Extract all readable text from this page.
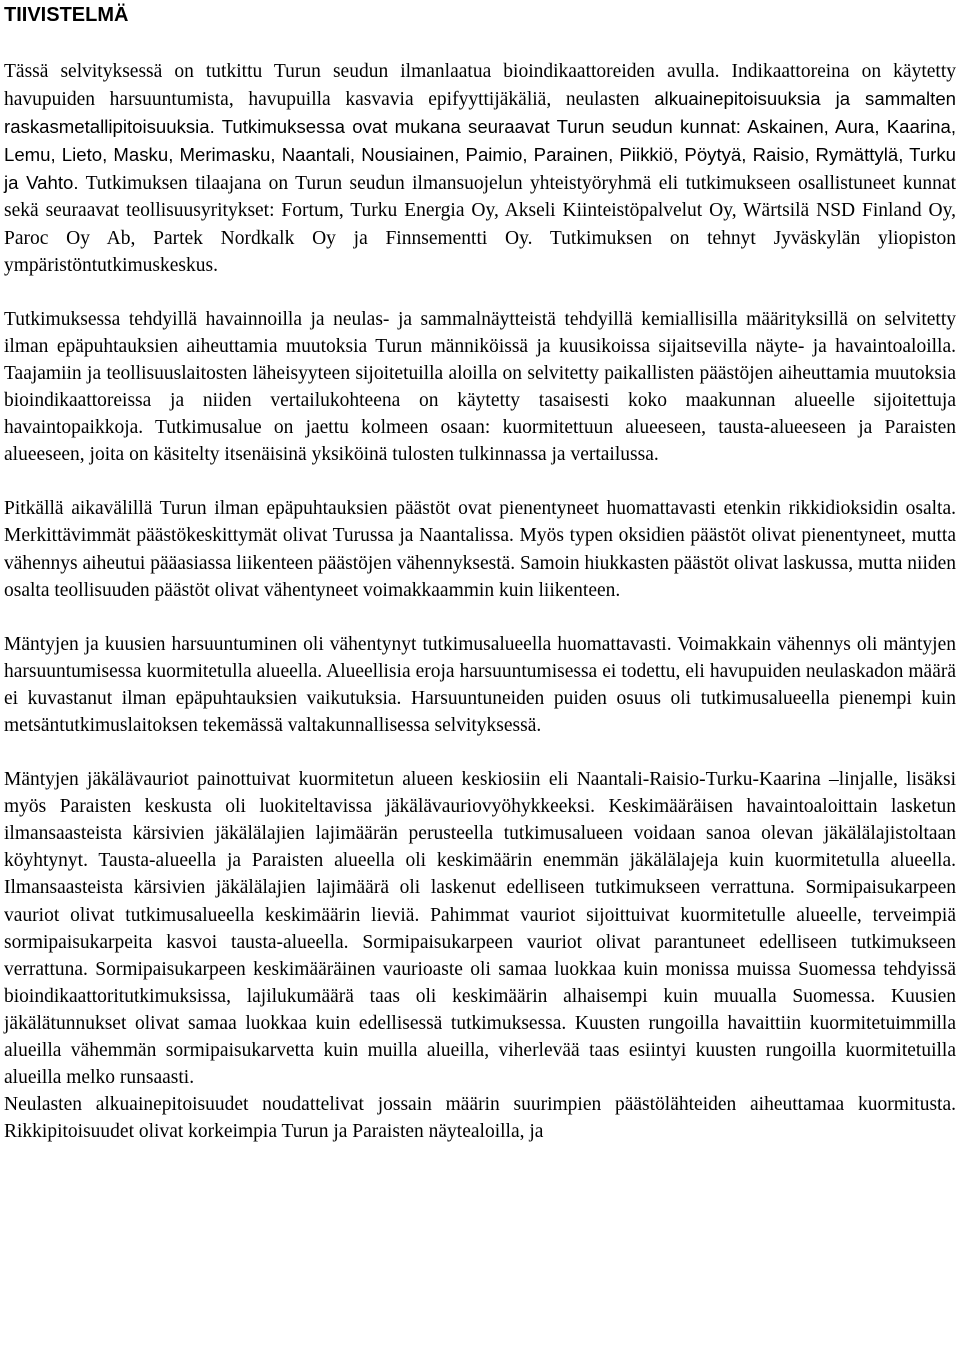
TIIVISTELMÄ

Tässä selvityksessä on tutkittu Turun seudun ilmanlaatua bioindikaattoreiden avulla. Indikaattoreina on käytetty havupuiden harsuuntumista, havupuilla kasvavia epifyyttijäkäliä, neulasten alkuainepitoisuuksia ja sammalten raskasmetallipitoisuuksia. Tutkimuksessa ovat mukana seuraavat Turun seudun kunnat: Askainen, Aura, Kaarina, Lemu, Lieto, Masku, Merimasku, Naantali, Nousiainen, Paimio, Parainen, Piikkiö, Pöytyä, Raisio, Rymättylä, Turku ja Vahto. Tutkimuksen tilaajana on Turun seudun ilmansuojelun yhteistyöryhmä eli tutkimukseen osallistuneet kunnat sekä seuraavat teollisuusyritykset: Fortum, Turku Energia Oy, Akseli Kiinteistöpalvelut Oy, Wärtsilä NSD Finland Oy, Paroc Oy Ab, Partek Nordkalk Oy ja Finnsementti Oy. Tutkimuksen on tehnyt Jyväskylän yliopiston ympäristöntutkimuskeskus.

Tutkimuksessa tehdyillä havainnoilla ja neulas- ja sammalnäytteistä tehdyillä kemiallisilla määrityksillä on selvitetty ilman epäpuhtauksien aiheuttamia muutoksia Turun männiköissä ja kuusikoissa sijaitsevilla näyte- ja havaintoaloilla. Taajamiin ja teollisuuslaitosten läheisyyteen sijoitetuilla aloilla on selvitetty paikallisten päästöjen aiheuttamia muutoksia bioindikaattoreissa ja niiden vertailukohteena on käytetty tasaisesti koko maakunnan alueelle sijoitettuja havaintopaikkoja. Tutkimusalue on jaettu kolmeen osaan: kuormitettuun alueeseen, tausta-alueeseen ja Paraisten alueeseen, joita on käsitelty itsenäisinä yksiköinä tulosten tulkinnassa ja vertailussa.

Pitkällä aikavälillä Turun ilman epäpuhtauksien päästöt ovat pienentyneet huomattavasti etenkin rikkidioksidin osalta. Merkittävimmät päästökeskittymät olivat Turussa ja Naantalissa. Myös typen oksidien päästöt olivat pienentyneet, mutta vähennys aiheutui pääasiassa liikenteen päästöjen vähennyksestä. Samoin hiukkasten päästöt olivat laskussa, mutta niiden osalta teollisuuden päästöt olivat vähentyneet voimakkaammin kuin liikenteen.

Mäntyjen ja kuusien harsuuntuminen oli vähentynyt tutkimusalueella huomattavasti. Voimakkain vähennys oli mäntyjen harsuuntumisessa kuormitetulla alueella. Alueellisia eroja harsuuntumisessa ei todettu, eli havupuiden neulaskadon määrä ei kuvastanut ilman epäpuhtauksien vaikutuksia. Harsuuntuneiden puiden osuus oli tutkimusalueella pienempi kuin metsäntutkimuslaitoksen tekemässä valtakunnallisessa selvityksessä.

Mäntyjen jäkälävauriot painottuivat kuormitetun alueen keskiosiin eli Naantali-Raisio-Turku-Kaarina –linjalle, lisäksi myös Paraisten keskusta oli luokiteltavissa jäkälävauriovyöhykkeeksi. Keskimääräisen havaintoaloittain lasketun ilmansaasteista kärsivien jäkälälajien lajimäärän perusteella tutkimusalueen voidaan sanoa olevan jäkälälajistoltaan köyhtynyt. Tausta-alueella ja Paraisten alueella oli keskimäärin enemmän jäkälälajeja kuin kuormitetulla alueella. Ilmansaasteista kärsivien jäkälälajien lajimäärä oli laskenut edelliseen tutkimukseen verrattuna. Sormipaisukarpeen vauriot olivat tutkimusalueella keskimäärin lieviä. Pahimmat vauriot sijoittuivat kuormitetulle alueelle, terveimpiä sormipaisukarpeita kasvoi tausta-alueella. Sormipaisukarpeen vauriot olivat parantuneet edelliseen tutkimukseen verrattuna. Sormipaisukarpeen keskimääräinen vaurioaste oli samaa luokkaa kuin monissa muissa Suomessa tehdyissä bioindikaattoritutkimuksissa, lajilukumäärä taas oli keskimäärin alhaisempi kuin muualla Suomessa. Kuusien jäkälätunnukset olivat samaa luokkaa kuin edellisessä tutkimuksessa. Kuusten rungoilla havaittiin kuormitetuimmilla alueilla vähemmän sormipaisukarvetta kuin muilla alueilla, viherlevää taas esiintyi kuusten rungoilla kuormitetuilla alueilla melko runsaasti.

Neulasten alkuainepitoisuudet noudattelivat jossain määrin suurimpien päästölähteiden aiheuttamaa kuormitusta. Rikkipitoisuudet olivat korkeimpia Turun ja Paraisten näytealoilla, ja
